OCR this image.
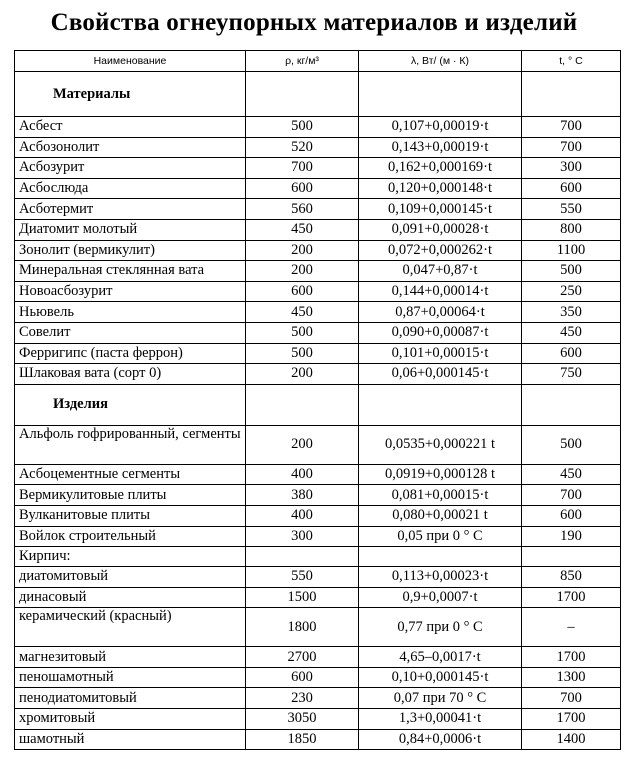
Свойства огнеупорных материалов и изделий
Наименование	ρ, кг/м³	λ, Вт/ (м · К)	t, ° C
Материалы			
Асбест	500	0,107+0,00019·t	700
Асбозонолит	520	0,143+0,00019·t	700
Асбозурит	700	0,162+0,000169·t	300
Асбослюда	600	0,120+0,000148·t	600
Асботермит	560	0,109+0,000145·t	550
Диатомит молотый	450	0,091+0,00028·t	800
Зонолит (вермикулит)	200	0,072+0,000262·t	1100
Минеральная стеклянная вата	200	0,047+0,87·t	500
Новоасбозурит	600	0,144+0,00014·t	250
Ньювель	450	0,87+0,00064·t	350
Совелит	500	0,090+0,00087·t	450
Ферригипс (паста феррон)	500	0,101+0,00015·t	600
Шлаковая вата (сорт 0)	200	0,06+0,000145·t	750
Изделия			
Альфоль гофрированный, сегменты	200	0,0535+0,000221 t	500
Асбоцементные сегменты	400	0,0919+0,000128 t	450
Вермикулитовые плиты	380	0,081+0,00015·t	700
Вулканитовые плиты	400	0,080+0,00021 t	600
Войлок строительный	300	0,05 при 0 ° C	190
Кирпич:			
диатомитовый	550	0,113+0,00023·t	850
динасовый	1500	0,9+0,0007·t	1700
керамический (красный)	1800	0,77 при 0 ° C	–
магнезитовый	2700	4,65–0,0017·t	1700
пеношамотный	600	0,10+0,000145·t	1300
пенодиатомитовый	230	0,07 при 70 ° C	700
хромитовый	3050	1,3+0,00041·t	1700
шамотный	1850	0,84+0,0006·t	1400
